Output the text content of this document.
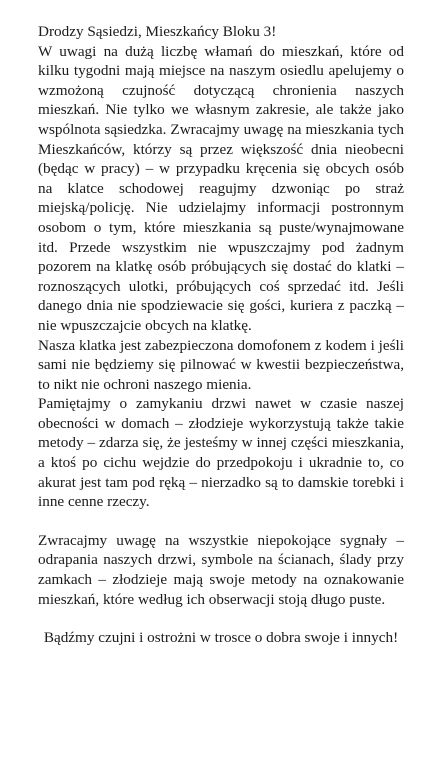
Drodzy Sąsiedzi, Mieszkańcy Bloku 3!

W uwagi na dużą liczbę włamań do mieszkań, które od kilku tygodni mają miejsce na naszym osiedlu apelujemy o wzmożoną czujność dotyczącą chronienia naszych mieszkań. Nie tylko we własnym zakresie, ale także jako wspólnota sąsiedzka. Zwracajmy uwagę na mieszkania tych Mieszkańców, którzy są przez większość dnia nieobecni (będąc w pracy) – w przypadku kręcenia się obcych osób na klatce schodowej reagujmy dzwoniąc po straż miejską/policję. Nie udzielajmy informacji postronnym osobom o tym, które mieszkania są puste/wynajmowane itd. Przede wszystkim nie wpuszczajmy pod żadnym pozorem na klatkę osób próbujących się dostać do klatki – roznoszących ulotki, próbujących coś sprzedać itd. Jeśli danego dnia nie spodziewacie się gości, kuriera z paczką – nie wpuszczajcie obcych na klatkę.

Nasza klatka jest zabezpieczona domofonem z kodem i jeśli sami nie będziemy się pilnować w kwestii bezpieczeństwa, to nikt nie ochroni naszego mienia.

Pamiętajmy o zamykaniu drzwi nawet w czasie naszej obecności w domach – złodzieje wykorzystują także takie metody – zdarza się, że jesteśmy w innej części mieszkania, a ktoś po cichu wejdzie do przedpokoju i ukradnie to, co akurat jest tam pod ręką – nierzadko są to damskie torebki i inne cenne rzeczy.

Zwracajmy uwagę na wszystkie niepokojące sygnały – odrapania naszych drzwi, symbole na ścianach, ślady przy zamkach – złodzieje mają swoje metody na oznakowanie mieszkań, które według ich obserwacji stoją długo puste.

Bądźmy czujni i ostrożni w trosce o dobra swoje i innych!
